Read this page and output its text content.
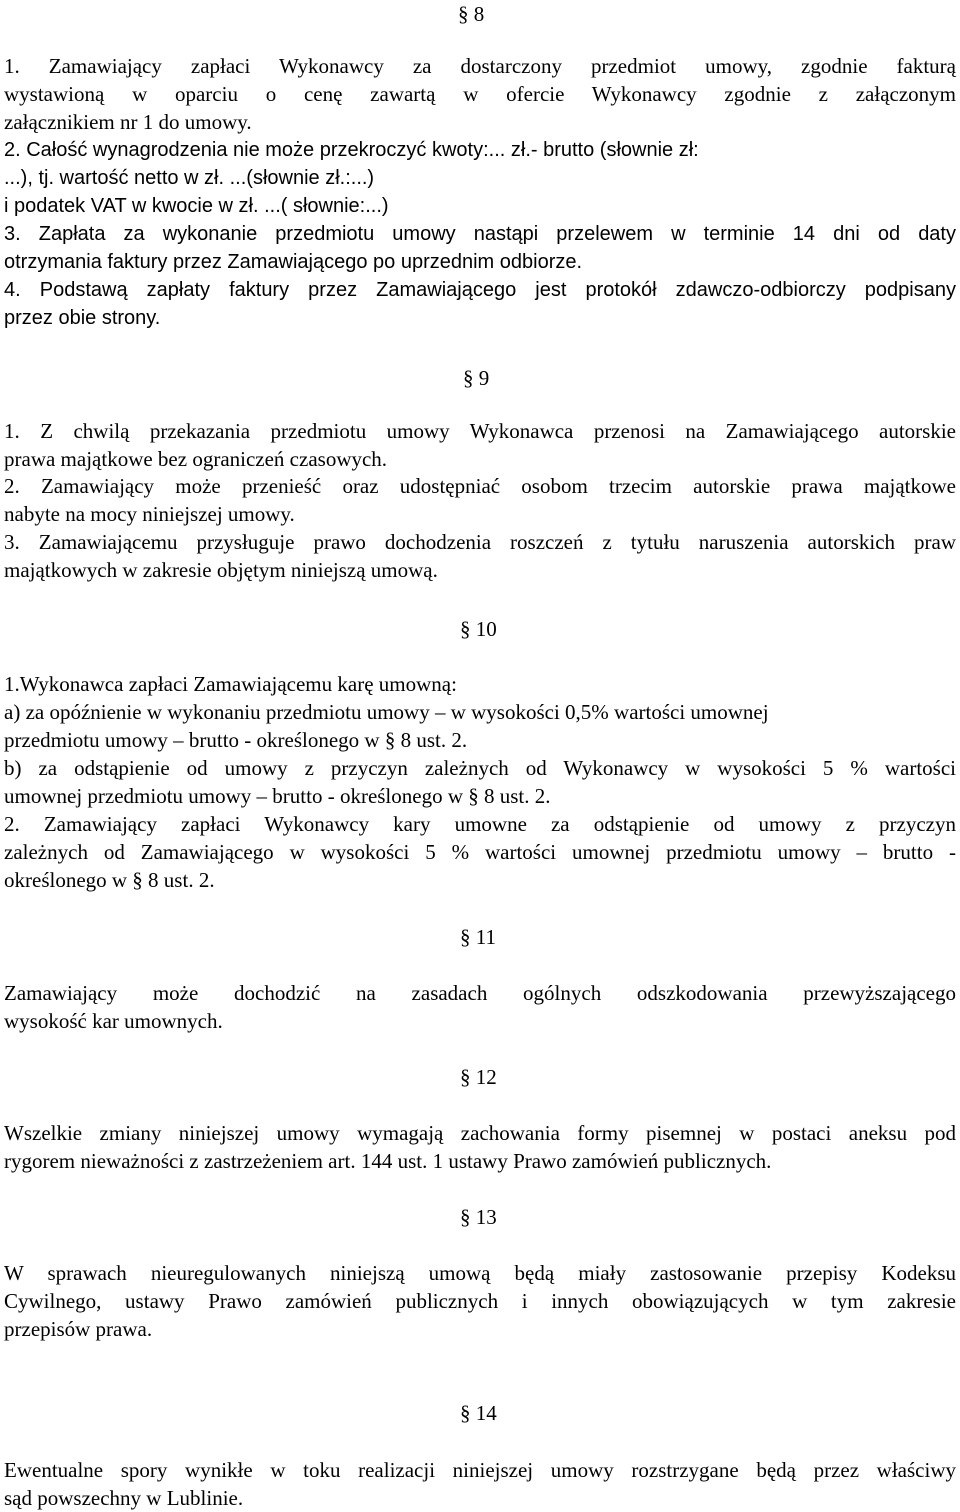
§ 8
1. Zamawiający zapłaci Wykonawcy za dostarczony przedmiot umowy, zgodnie fakturą
wystawioną w oparciu o cenę zawartą w ofercie Wykonawcy zgodnie z załączonym
załącznikiem nr 1 do umowy.
2. Całość wynagrodzenia nie może przekroczyć kwoty:... zł.- brutto (słownie zł:
...), tj. wartość netto w zł. ...(słownie zł.:...)
i podatek VAT w kwocie w zł. ...( słownie:...)
3. Zapłata za wykonanie przedmiotu umowy nastąpi przelewem w terminie 14 dni od daty
otrzymania faktury przez Zamawiającego po uprzednim odbiorze.
4. Podstawą zapłaty faktury przez Zamawiającego jest protokół zdawczo-odbiorczy podpisany
przez obie strony.
§ 9
1. Z chwilą przekazania przedmiotu umowy Wykonawca przenosi na Zamawiającego autorskie
prawa majątkowe bez ograniczeń czasowych.
2. Zamawiający może przenieść oraz udostępniać osobom trzecim autorskie prawa majątkowe
nabyte na mocy niniejszej umowy.
3. Zamawiającemu przysługuje prawo dochodzenia roszczeń z tytułu naruszenia autorskich praw
majątkowych w zakresie objętym niniejszą umową.
§ 10
1.Wykonawca zapłaci Zamawiającemu karę umowną:
a) za opóźnienie w wykonaniu przedmiotu umowy – w wysokości 0,5% wartości umownej
przedmiotu umowy – brutto - określonego w § 8 ust. 2.
b) za odstąpienie od umowy z przyczyn zależnych od Wykonawcy w wysokości 5 % wartości
umownej przedmiotu umowy – brutto - określonego w § 8 ust. 2.
2. Zamawiający zapłaci Wykonawcy kary umowne za odstąpienie od umowy z przyczyn
zależnych od Zamawiającego w wysokości 5 % wartości umownej przedmiotu umowy – brutto -
określonego w § 8 ust. 2.
§ 11
Zamawiający może dochodzić na zasadach ogólnych odszkodowania przewyższającego
wysokość kar umownych.
§ 12
Wszelkie zmiany niniejszej umowy wymagają zachowania formy pisemnej w postaci aneksu pod
rygorem nieważności z zastrzeżeniem art. 144 ust. 1 ustawy Prawo zamówień publicznych.
§ 13
W sprawach nieuregulowanych niniejszą umową będą miały zastosowanie przepisy Kodeksu
Cywilnego, ustawy Prawo zamówień publicznych i innych obowiązujących w tym zakresie
przepisów prawa.
§ 14
Ewentualne spory wynikłe w toku realizacji niniejszej umowy rozstrzygane będą przez właściwy
sąd powszechny w Lublinie.
